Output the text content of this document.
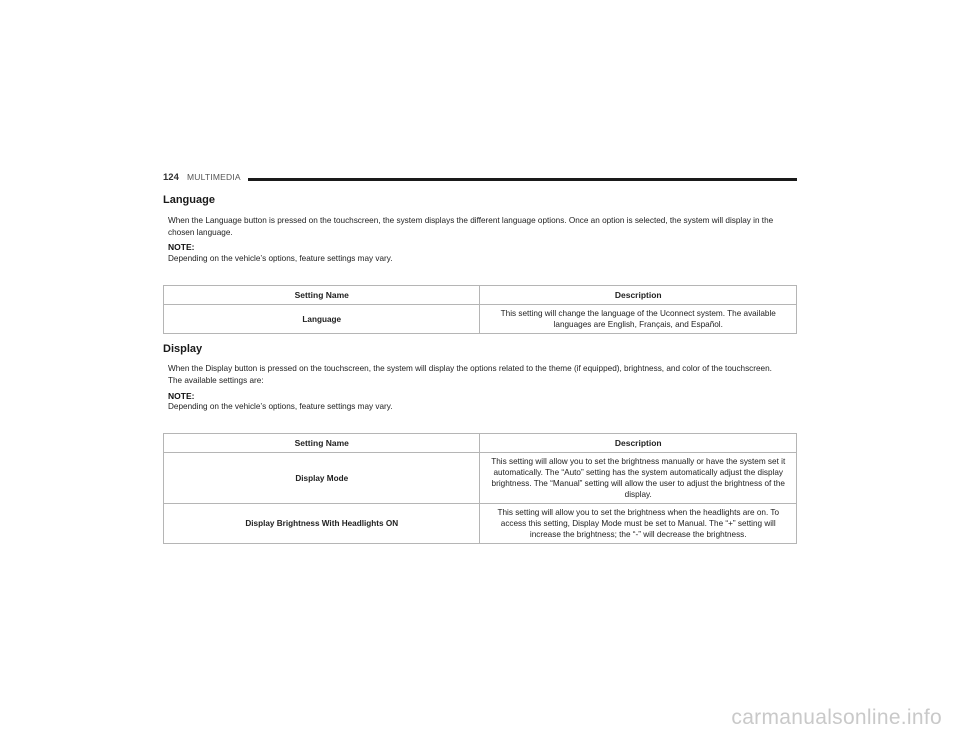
124 MULTIMEDIA
Language
When the Language button is pressed on the touchscreen, the system displays the different language options. Once an option is selected, the system will display in the chosen language.
NOTE:
Depending on the vehicle’s options, feature settings may vary.
Setting Name	Description
Language	This setting will change the language of the Uconnect system. The available languages are English, Français, and Español.
Display
When the Display button is pressed on the touchscreen, the system will display the options related to the theme (if equipped), brightness, and color of the touchscreen. The available settings are:
NOTE:
Depending on the vehicle’s options, feature settings may vary.
Setting Name	Description
Display Mode	This setting will allow you to set the brightness manually or have the system set it automatically. The “Auto” setting has the system automatically adjust the display brightness. The “Manual” setting will allow the user to adjust the brightness of the display.
Display Brightness With Headlights ON	This setting will allow you to set the brightness when the headlights are on. To access this setting, Display Mode must be set to Manual. The “+” setting will increase the brightness; the “-” will decrease the brightness.
carmanualsonline.info
